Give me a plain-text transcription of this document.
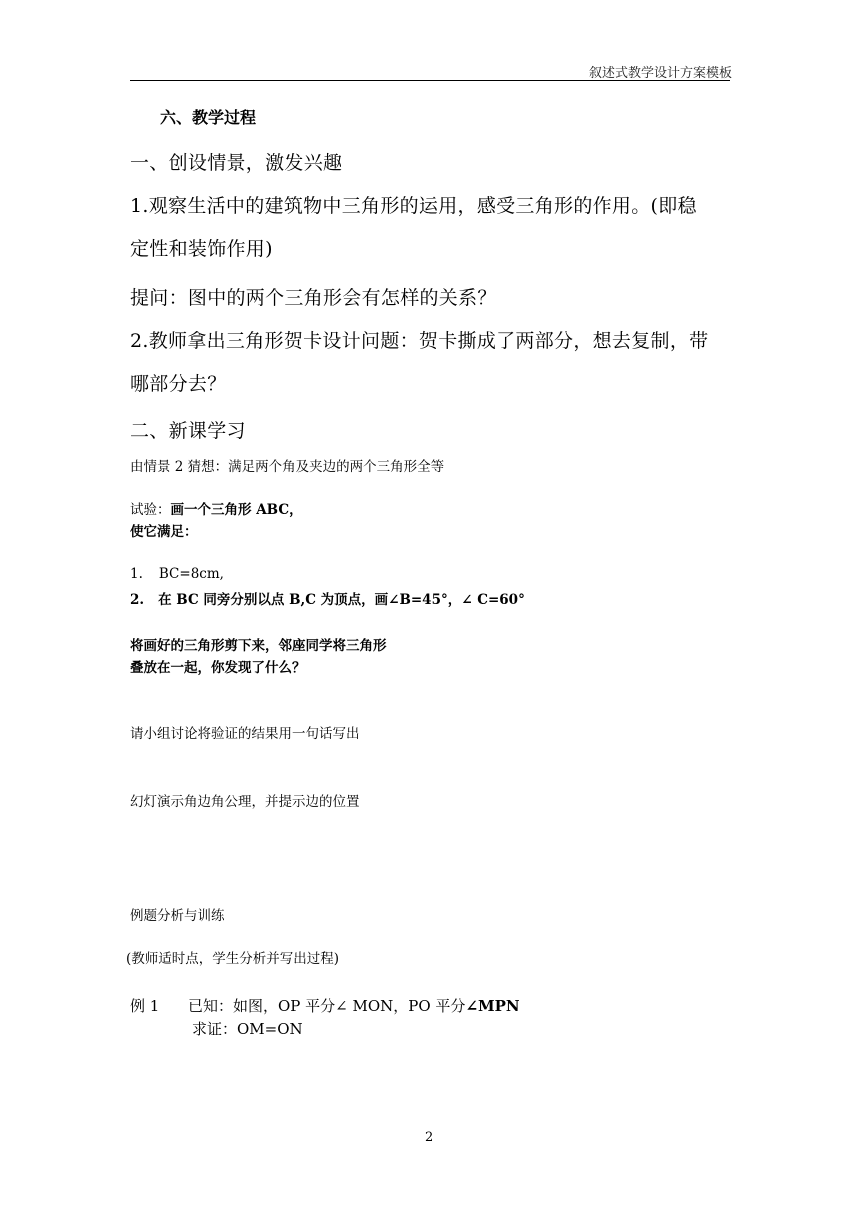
叙述式教学设计方案模板
六、教学过程
一、创设情景，激发兴趣
1.观察生活中的建筑物中三角形的运用，感受三角形的作用。(即稳
定性和装饰作用)
提问：图中的两个三角形会有怎样的关系？
2.教师拿出三角形贺卡设计问题：贺卡撕成了两部分，想去复制，带
哪部分去？
二、新课学习
由情景 2 猜想：满足两个角及夹边的两个三角形全等
试验：画一个三角形 ABC，
使它满足：
1. BC=8cm,
2. 在 BC 同旁分别以点 B,C 为顶点，画∠B=45°，∠ C=60°
将画好的三角形剪下来，邻座同学将三角形
叠放在一起，你发现了什么？
请小组讨论将验证的结果用一句话写出
幻灯演示角边角公理，并提示边的位置
例题分析与训练
(教师适时点，学生分析并写出过程)
例 1 已知：如图，OP 平分∠ MON，PO 平分∠MPN
求证：OM=ON
2
